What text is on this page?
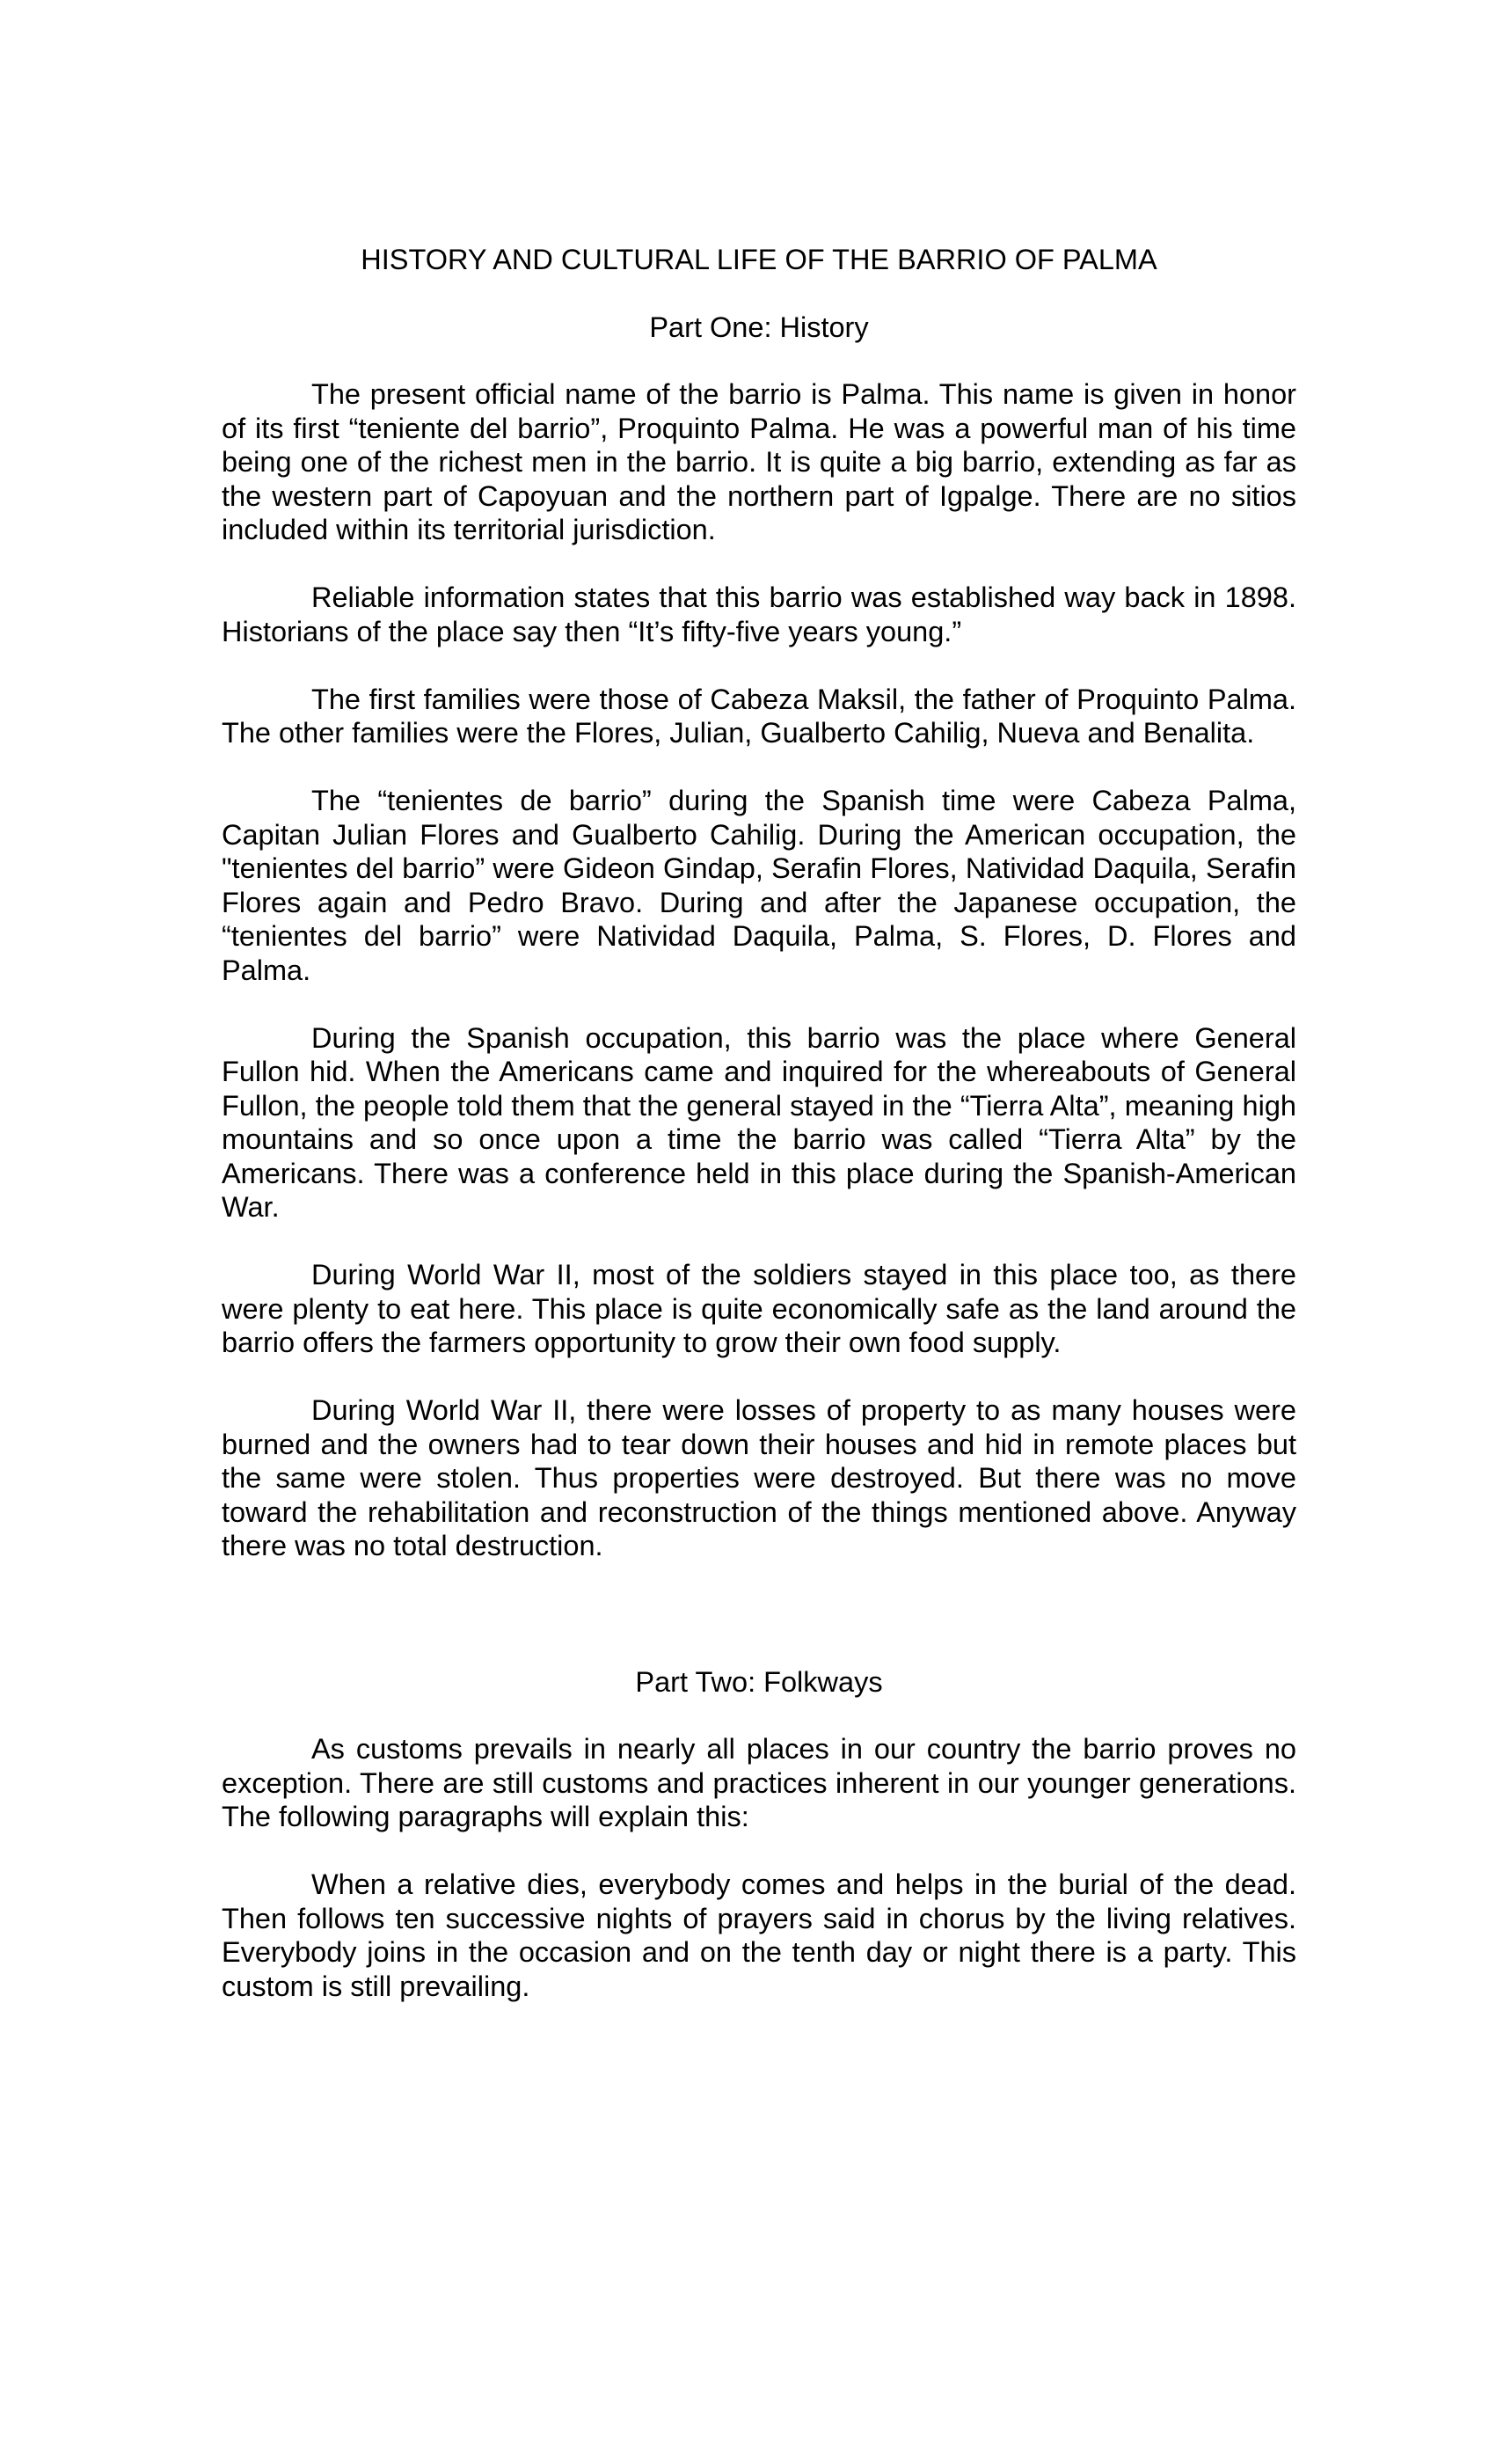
HISTORY AND CULTURAL LIFE OF THE BARRIO OF PALMA
Part One: History

The present official name of the barrio is Palma. This name is given in honor of its first “teniente del barrio”, Proquinto Palma. He was a powerful man of his time being one of the richest men in the barrio. It is quite a big barrio, extending as far as the western part of Capoyuan and the northern part of Igpalge. There are no sitios included within its territorial jurisdiction.

Reliable information states that this barrio was established way back in 1898. Historians of the place say then “It’s fifty-five years young.”

The first families were those of Cabeza Maksil, the father of Proquinto Palma. The other families were the Flores, Julian, Gualberto Cahilig, Nueva and Benalita.

The “tenientes de barrio” during the Spanish time were Cabeza Palma, Capitan Julian Flores and Gualberto Cahilig. During the American occupation, the "tenientes del barrio” were Gideon Gindap, Serafin Flores, Natividad Daquila, Serafin Flores again and Pedro Bravo. During and after the Japanese occupation, the “tenientes del barrio” were Natividad Daquila, Palma, S. Flores, D. Flores and Palma.

During the Spanish occupation, this barrio was the place where General Fullon hid. When the Americans came and inquired for the whereabouts of General Fullon, the people told them that the general stayed in the “Tierra Alta”, meaning high mountains and so once upon a time the barrio was called “Tierra Alta” by the Americans. There was a conference held in this place during the Spanish-American War.

During World War II, most of the soldiers stayed in this place too, as there were plenty to eat here. This place is quite economically safe as the land around the barrio offers the farmers opportunity to grow their own food supply.

During World War II, there were losses of property to as many houses were burned and the owners had to tear down their houses and hid in remote places but the same were stolen. Thus properties were destroyed. But there was no move toward the rehabilitation and reconstruction of the things mentioned above. Anyway there was no total destruction.

Part Two: Folkways

As customs prevails in nearly all places in our country the barrio proves no exception. There are still customs and practices inherent in our younger generations. The following paragraphs will explain this:

When a relative dies, everybody comes and helps in the burial of the dead. Then follows ten successive nights of prayers said in chorus by the living relatives. Everybody joins in the occasion and on the tenth day or night there is a party. This custom is still prevailing.
